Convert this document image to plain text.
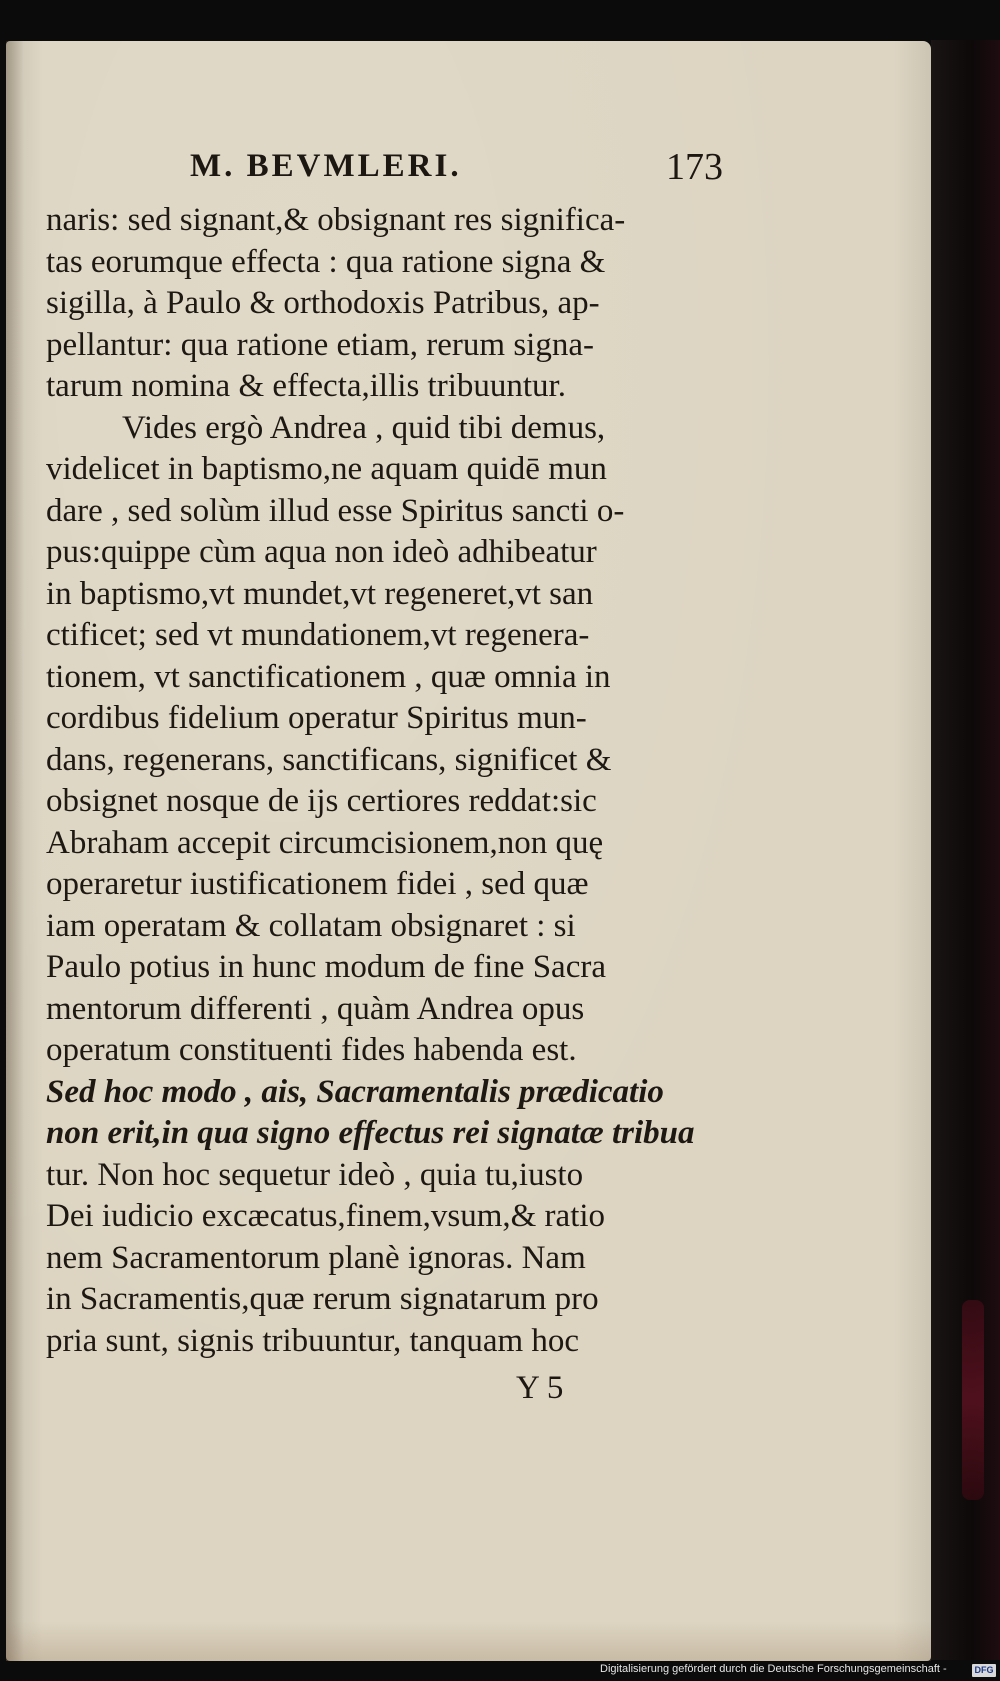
M. BEVMLERI.	173
naris: sed signant,& obsignant res significa-
tas eorumque effecta : qua ratione signa &
sigilla, à Paulo & orthodoxis Patribus, ap-
pellantur: qua ratione etiam, rerum signa-
tarum nomina & effecta,illis tribuuntur.
Vides ergò Andrea , quid tibi demus,
videlicet in baptismo,ne aquam quidē mun
dare , sed solùm illud esse Spiritus sancti o-
pus:quippe cùm aqua non ideò adhibeatur
in baptismo,vt mundet,vt regeneret,vt san
ctificet; sed vt mundationem,vt regenera-
tionem, vt sanctificationem , quæ omnia in
cordibus fidelium operatur Spiritus mun-
dans, regenerans, sanctificans, significet &
obsignet nosque de ijs certiores reddat:sic
Abraham accepit circumcisionem,non quę
operaretur iustificationem fidei , sed quæ
iam operatam & collatam obsignaret : si
Paulo potius in hunc modum de fine Sacra
mentorum differenti , quàm Andrea opus
operatum constituenti fides habenda est.
Sed hoc modo , ais, Sacramentalis prædicatio
non erit,in qua signo effectus rei signatæ tribua
tur. Non hoc sequetur ideò , quia tu,iusto
Dei iudicio excæcatus,finem,vsum,& ratio
nem Sacramentorum planè ignoras. Nam
in Sacramentis,quæ rerum signatarum pro
pria sunt, signis tribuuntur, tanquam hoc
Y 5
Digitalisierung gefördert durch die Deutsche Forschungsgemeinschaft -	DFG
